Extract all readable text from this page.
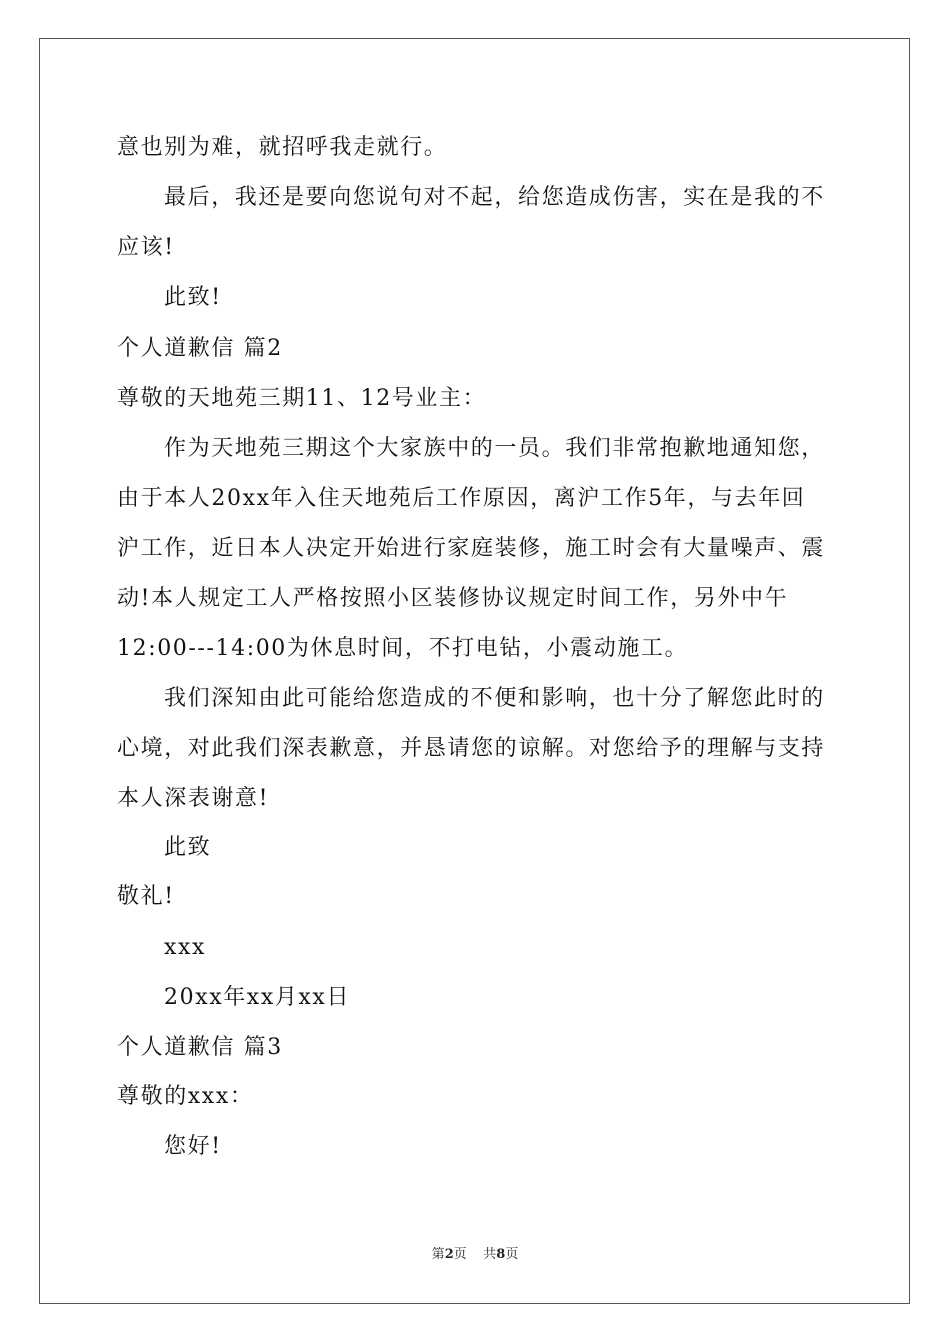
意也别为难，就招呼我走就行。
最后，我还是要向您说句对不起，给您造成伤害，实在是我的不
应该!
此致!
个人道歉信 篇2
尊敬的天地苑三期11、12号业主：
作为天地苑三期这个大家族中的一员。我们非常抱歉地通知您，
由于本人20xx年入住天地苑后工作原因，离沪工作5年，与去年回
沪工作，近日本人决定开始进行家庭装修，施工时会有大量噪声、震
动!本人规定工人严格按照小区装修协议规定时间工作，另外中午
12:00---14:00为休息时间，不打电钻，小震动施工。
我们深知由此可能给您造成的不便和影响，也十分了解您此时的
心境，对此我们深表歉意，并恳请您的谅解。对您给予的理解与支持
本人深表谢意!
此致
敬礼!
xxx
20xx年xx月xx日
个人道歉信 篇3
尊敬的xxx：
您好!
第2页    共8页
